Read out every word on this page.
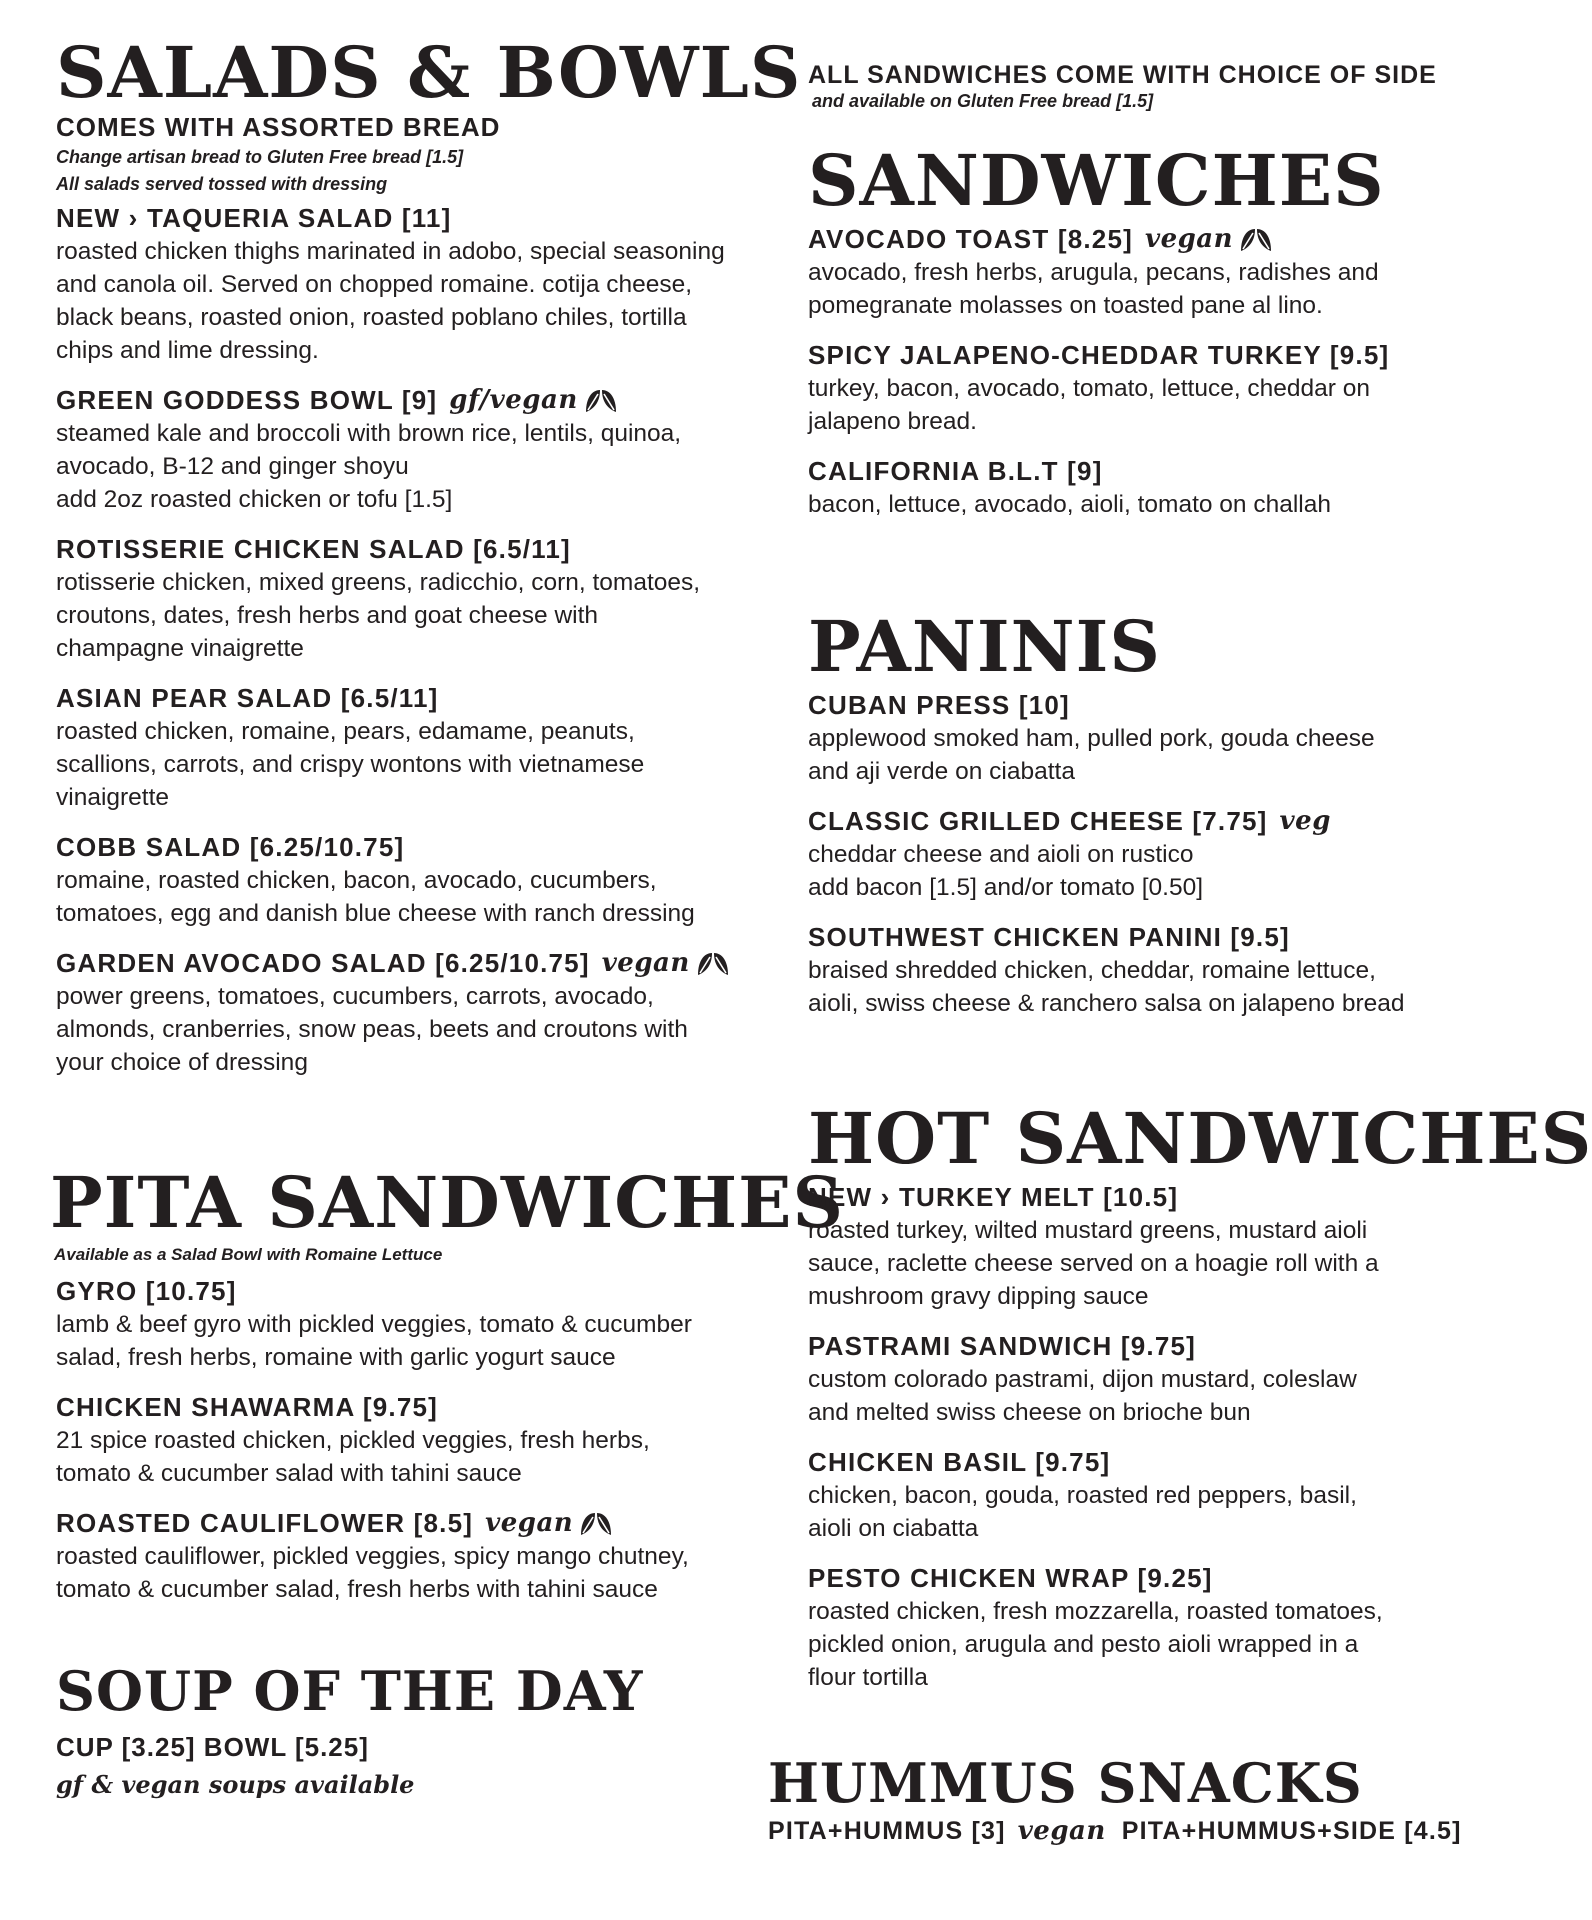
SALADS & BOWLS

COMES WITH ASSORTED BREAD

Change artisan bread to Gluten Free bread [1.5]

All salads served tossed with dressing

NEW › TAQUERIA SALAD [11]

roasted chicken thighs marinated in adobo, special seasoning
and canola oil. Served on chopped romaine. cotija cheese,
black beans, roasted onion, roasted poblano chiles, tortilla
chips and lime dressing.

GREEN GODDESS BOWL [9] gf/vegan

steamed kale and broccoli with brown rice, lentils, quinoa,
avocado, B-12 and ginger shoyu
add 2oz roasted chicken or tofu [1.5]

ROTISSERIE CHICKEN SALAD [6.5/11]

rotisserie chicken, mixed greens, radicchio, corn, tomatoes,
croutons, dates, fresh herbs and goat cheese with
champagne vinaigrette

ASIAN PEAR SALAD [6.5/11]

roasted chicken, romaine, pears, edamame, peanuts,
scallions, carrots, and crispy wontons with vietnamese
vinaigrette

COBB SALAD [6.25/10.75]

romaine, roasted chicken, bacon, avocado, cucumbers,
tomatoes, egg and danish blue cheese with ranch dressing

GARDEN AVOCADO SALAD [6.25/10.75] vegan

power greens, tomatoes, cucumbers, carrots, avocado,
almonds, cranberries, snow peas, beets and croutons with
your choice of dressing

PITA SANDWICHES

Available as a Salad Bowl with Romaine Lettuce

GYRO [10.75]

lamb & beef gyro with pickled veggies, tomato & cucumber
salad, fresh herbs, romaine with garlic yogurt sauce

CHICKEN SHAWARMA [9.75]

21 spice roasted chicken, pickled veggies, fresh herbs,
tomato & cucumber salad with tahini sauce

ROASTED CAULIFLOWER [8.5] vegan

roasted cauliflower, pickled veggies, spicy mango chutney,
tomato & cucumber salad, fresh herbs with tahini sauce

SOUP OF THE DAY

CUP [3.25] BOWL [5.25]

gf & vegan soups available

ALL SANDWICHES COME WITH CHOICE OF SIDE

and available on Gluten Free bread [1.5]

SANDWICHES
AVOCADO TOAST [8.25] vegan

avocado, fresh herbs, arugula, pecans, radishes and
pomegranate molasses on toasted pane al lino.

SPICY JALAPENO-CHEDDAR TURKEY [9.5]

turkey, bacon, avocado, tomato, lettuce, cheddar on
jalapeno bread.

CALIFORNIA B.L.T [9]

bacon, lettuce, avocado, aioli, tomato on challah

PANINIS
CUBAN PRESS [10]

applewood smoked ham, pulled pork, gouda cheese
and aji verde on ciabatta

CLASSIC GRILLED CHEESE [7.75] veg

cheddar cheese and aioli on rustico
add bacon [1.5] and/or tomato [0.50]

SOUTHWEST CHICKEN PANINI [9.5]

braised shredded chicken, cheddar, romaine lettuce,
aioli, swiss cheese & ranchero salsa on jalapeno bread

HOT SANDWICHES
NEW › TURKEY MELT [10.5]

roasted turkey, wilted mustard greens, mustard aioli
sauce, raclette cheese served on a hoagie roll with a
mushroom gravy dipping sauce

PASTRAMI SANDWICH [9.75]

custom colorado pastrami, dijon mustard, coleslaw
and melted swiss cheese on brioche bun

CHICKEN BASIL [9.75]

chicken, bacon, gouda, roasted red peppers, basil,
aioli on ciabatta

PESTO CHICKEN WRAP [9.25]

roasted chicken, fresh mozzarella, roasted tomatoes,
pickled onion, arugula and pesto aioli wrapped in a
flour tortilla

HUMMUS SNACKS
PITA+HUMMUS [3] vegan PITA+HUMMUS+SIDE [4.5]
